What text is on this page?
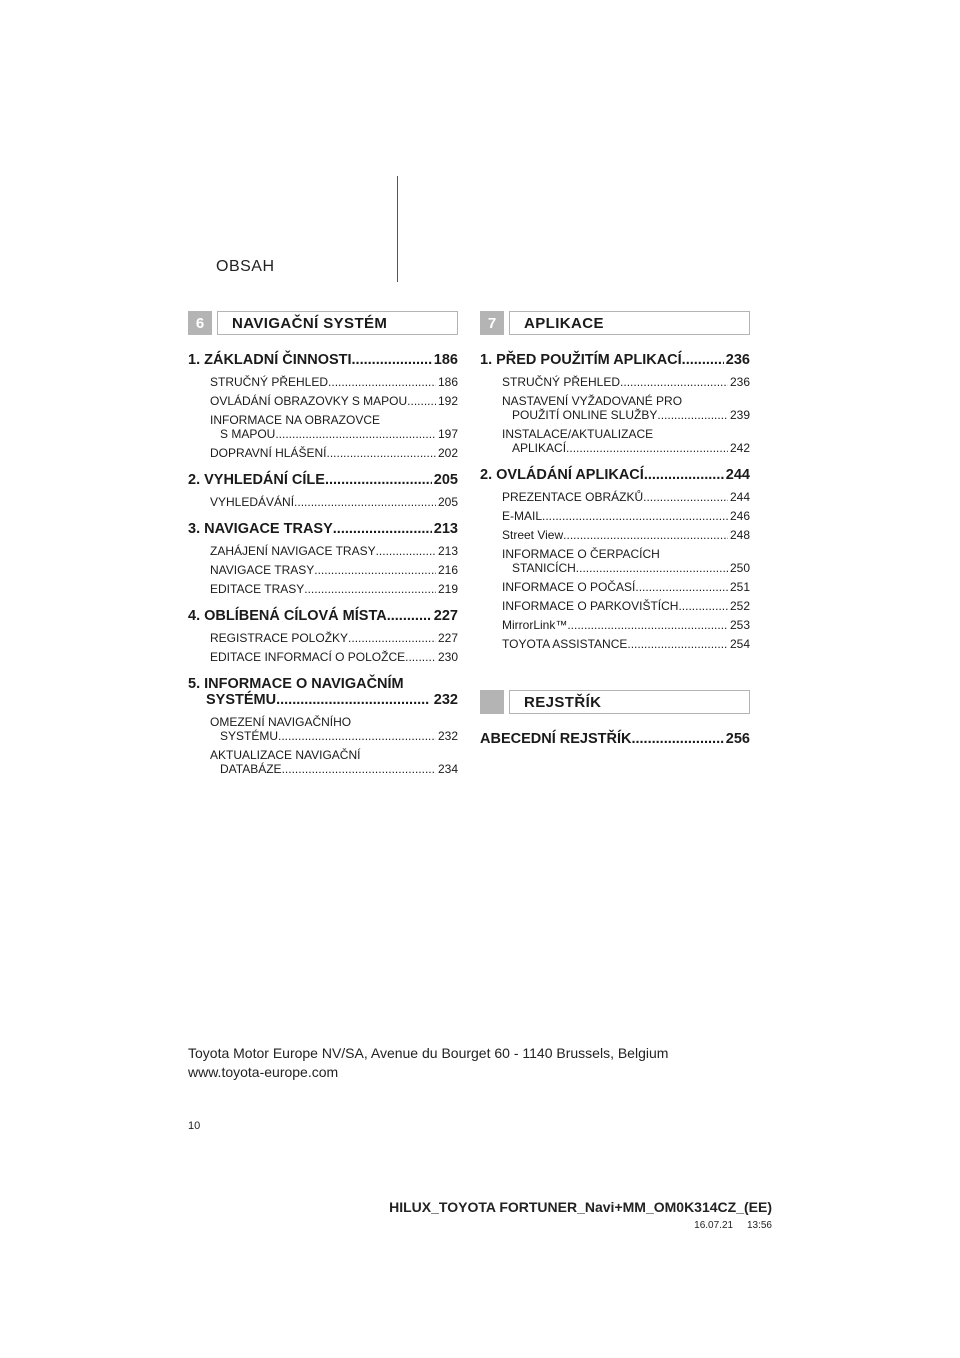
OBSAH
6	NAVIGAČNÍ SYSTÉM
1. ZÁKLADNÍ ČINNOSTI .....	186
STRUČNÝ PŘEHLED .....	186
OVLÁDÁNÍ OBRAZOVKY S MAPOU .....	192
INFORMACE NA OBRAZOVCE
S MAPOU .....	197
DOPRAVNÍ HLÁŠENÍ .....	202
2. VYHLEDÁNÍ CÍLE .....	205
VYHLEDÁVÁNÍ .....	205
3. NAVIGACE TRASY .....	213
ZAHÁJENÍ NAVIGACE TRASY .....	213
NAVIGACE TRASY .....	216
EDITACE TRASY .....	219
4. OBLÍBENÁ CÍLOVÁ MÍSTA .....	227
REGISTRACE POLOŽKY .....	227
EDITACE INFORMACÍ O POLOŽCE .....	230
5. INFORMACE O NAVIGAČNÍM
SYSTÉMU .....	232
OMEZENÍ NAVIGAČNÍHO
SYSTÉMU .....	232
AKTUALIZACE NAVIGAČNÍ
DATABÁZE .....	234
7	APLIKACE
1. PŘED POUŽITÍM APLIKACÍ .....	236
STRUČNÝ PŘEHLED .....	236
NASTAVENÍ VYŽADOVANÉ PRO
POUŽITÍ ONLINE SLUŽBY .....	239
INSTALACE/AKTUALIZACE
APLIKACÍ .....	242
2. OVLÁDÁNÍ APLIKACÍ .....	244
PREZENTACE OBRÁZKŮ .....	244
E-MAIL .....	246
Street View .....	248
INFORMACE O ČERPACÍCH
STANICÍCH .....	250
INFORMACE O POČASÍ .....	251
INFORMACE O PARKOVIŠTÍCH .....	252
MirrorLink™ .....	253
TOYOTA ASSISTANCE .....	254
REJSTŘÍK
ABECEDNÍ REJSTŘÍK .....	256
Toyota Motor Europe NV/SA, Avenue du Bourget 60 - 1140 Brussels, Belgium
www.toyota-europe.com
10
HILUX_TOYOTA FORTUNER_Navi+MM_OM0K314CZ_(EE)
16.07.21     13:56
